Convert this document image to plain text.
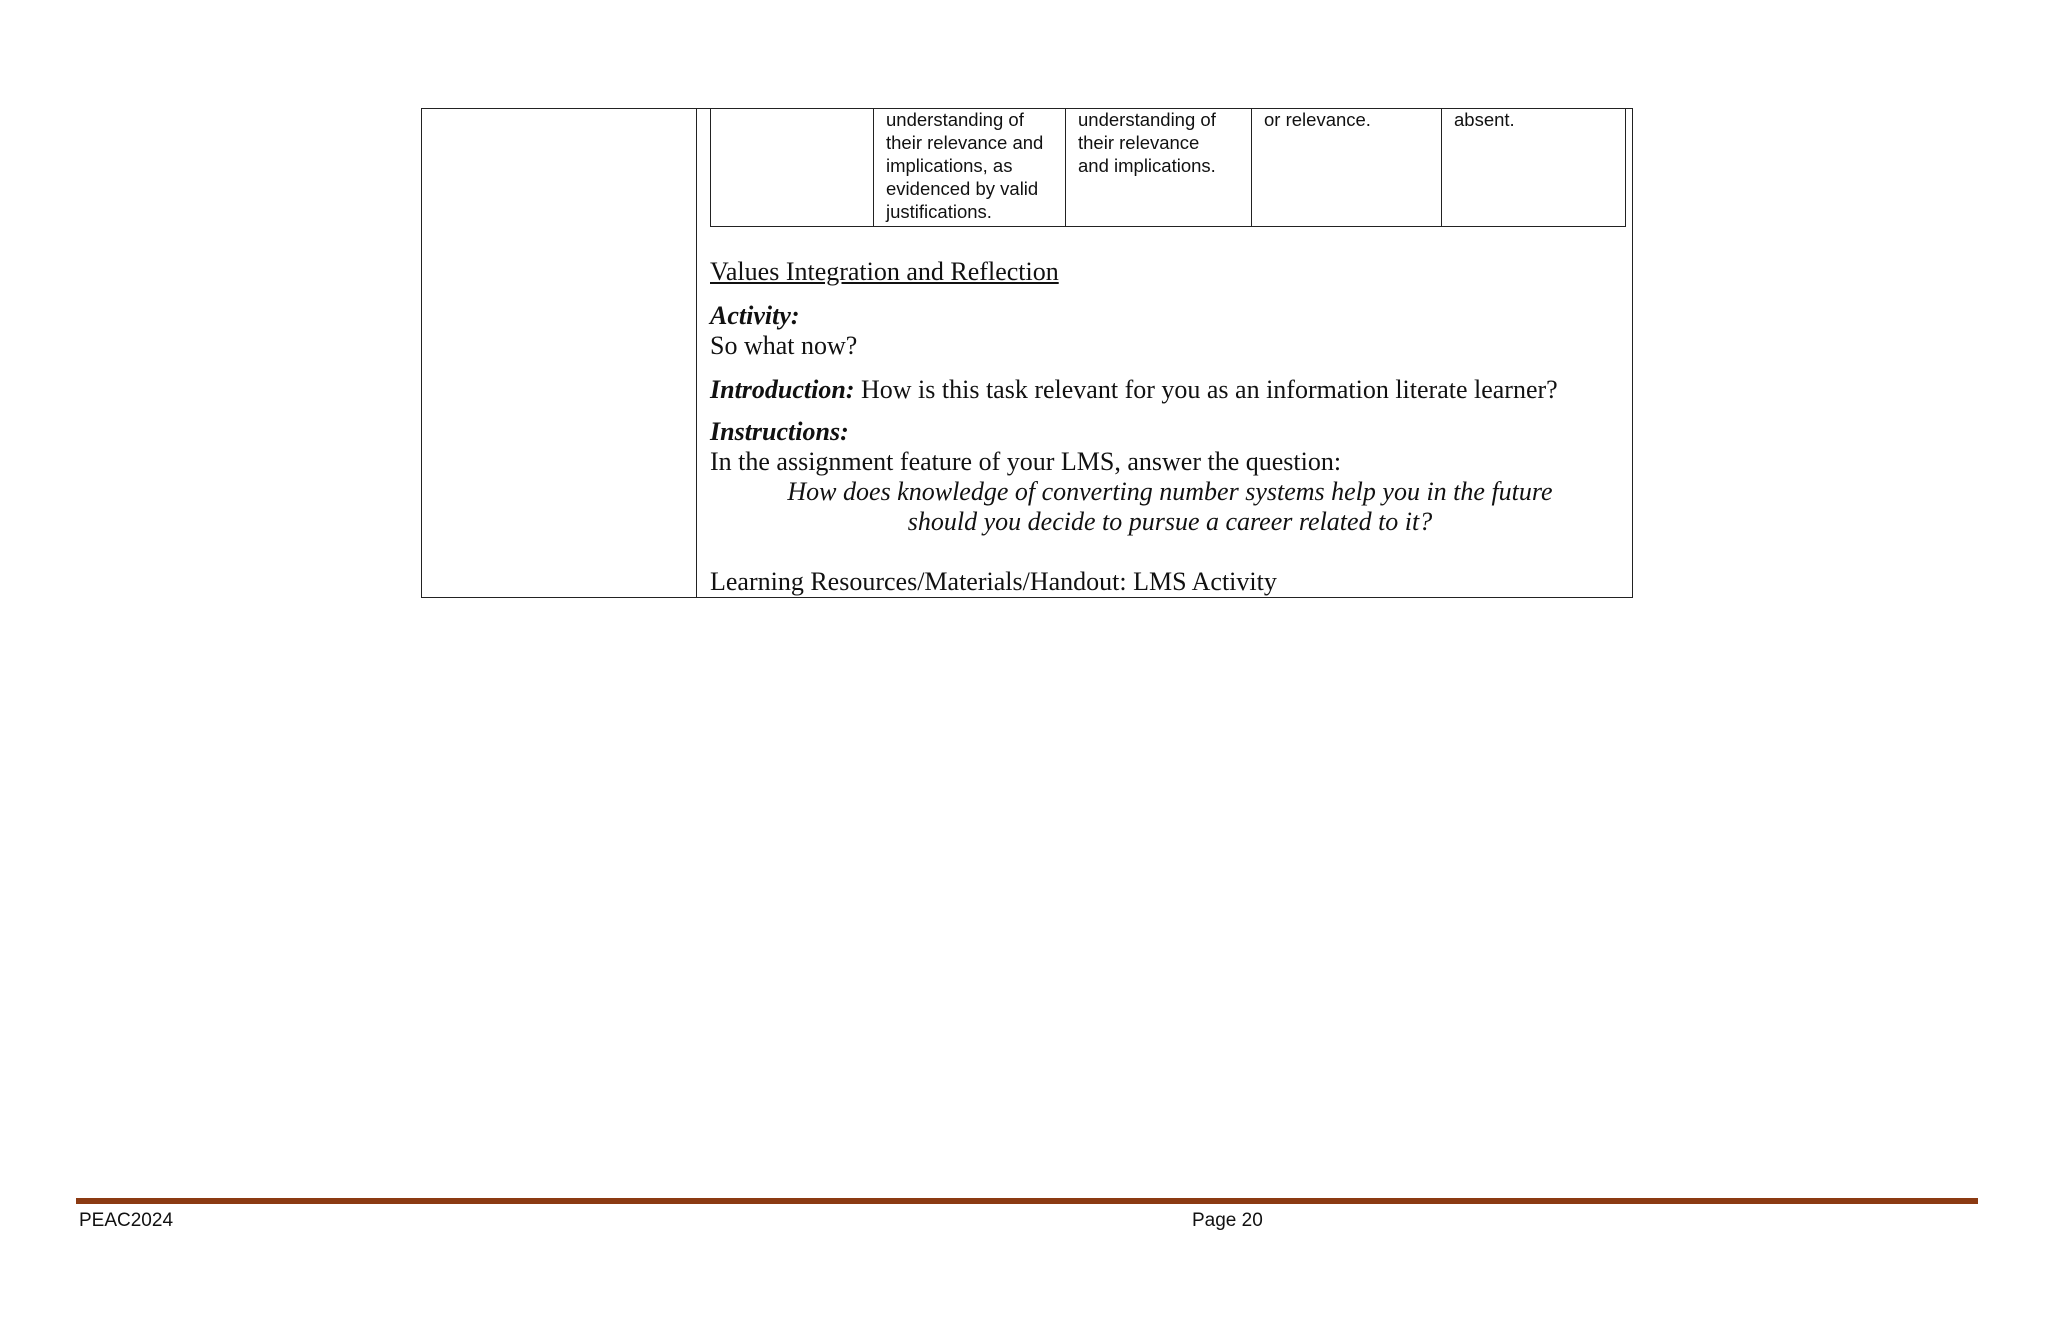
understanding of
their relevance and
implications, as
evidenced by valid
justifications.
understanding of
their relevance
and implications.
or relevance.	absent.
Values Integration and Reflection
Activity:
So what now?
Introduction: How is this task relevant for you as an information literate learner?
Instructions:
In the assignment feature of your LMS, answer the question:
How does knowledge of converting number systems help you in the future
should you decide to pursue a career related to it?
Learning Resources/Materials/Handout: LMS Activity
PEAC2024	Page 20
